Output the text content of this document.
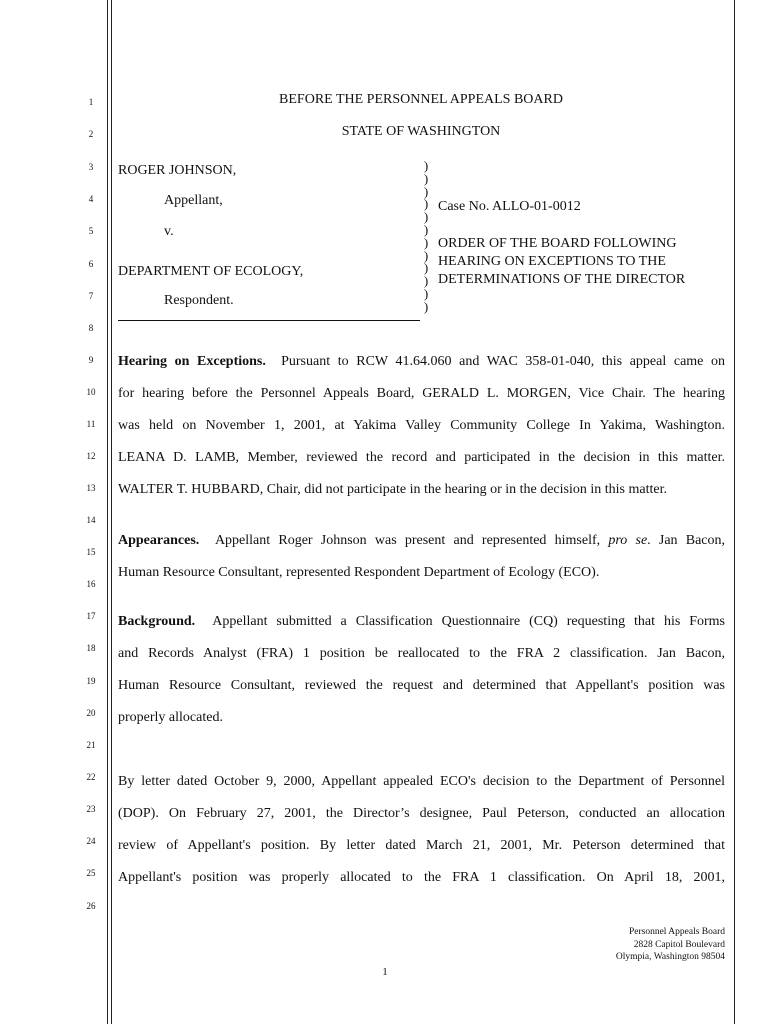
1
2
3
4
5
6
7
8
9
10
11
12
13
14
15
16
17
18
19
20
21
22
23
24
25
26
BEFORE THE PERSONNEL APPEALS BOARD
STATE OF WASHINGTON
ROGER JOHNSON,
Appellant,
v.
DEPARTMENT OF ECOLOGY,
Respondent.
)
)
)
)
)
)
)
)
)
)
)
)
Case No. ALLO-01-0012
ORDER OF THE BOARD FOLLOWING
HEARING ON EXCEPTIONS TO THE
DETERMINATIONS OF THE DIRECTOR
Hearing on Exceptions. Pursuant to RCW 41.64.060 and WAC 358-01-040, this appeal came on
for hearing before the Personnel Appeals Board, GERALD L. MORGEN, Vice Chair. The hearing
was held on November 1, 2001, at Yakima Valley Community College In Yakima, Washington.
LEANA D. LAMB, Member, reviewed the record and participated in the decision in this matter.
WALTER T. HUBBARD, Chair, did not participate in the hearing or in the decision in this matter.
Appearances. Appellant Roger Johnson was present and represented himself, pro se. Jan Bacon,
Human Resource Consultant, represented Respondent Department of Ecology (ECO).
Background. Appellant submitted a Classification Questionnaire (CQ) requesting that his Forms
and Records Analyst (FRA) 1 position be reallocated to the FRA 2 classification. Jan Bacon,
Human Resource Consultant, reviewed the request and determined that Appellant's position was
properly allocated.
By letter dated October 9, 2000, Appellant appealed ECO's decision to the Department of Personnel
(DOP). On February 27, 2001, the Director’s designee, Paul Peterson, conducted an allocation
review of Appellant's position. By letter dated March 21, 2001, Mr. Peterson determined that
Appellant's position was properly allocated to the FRA 1 classification. On April 18, 2001,
Personnel Appeals Board
2828 Capitol Boulevard
Olympia, Washington 98504
1
